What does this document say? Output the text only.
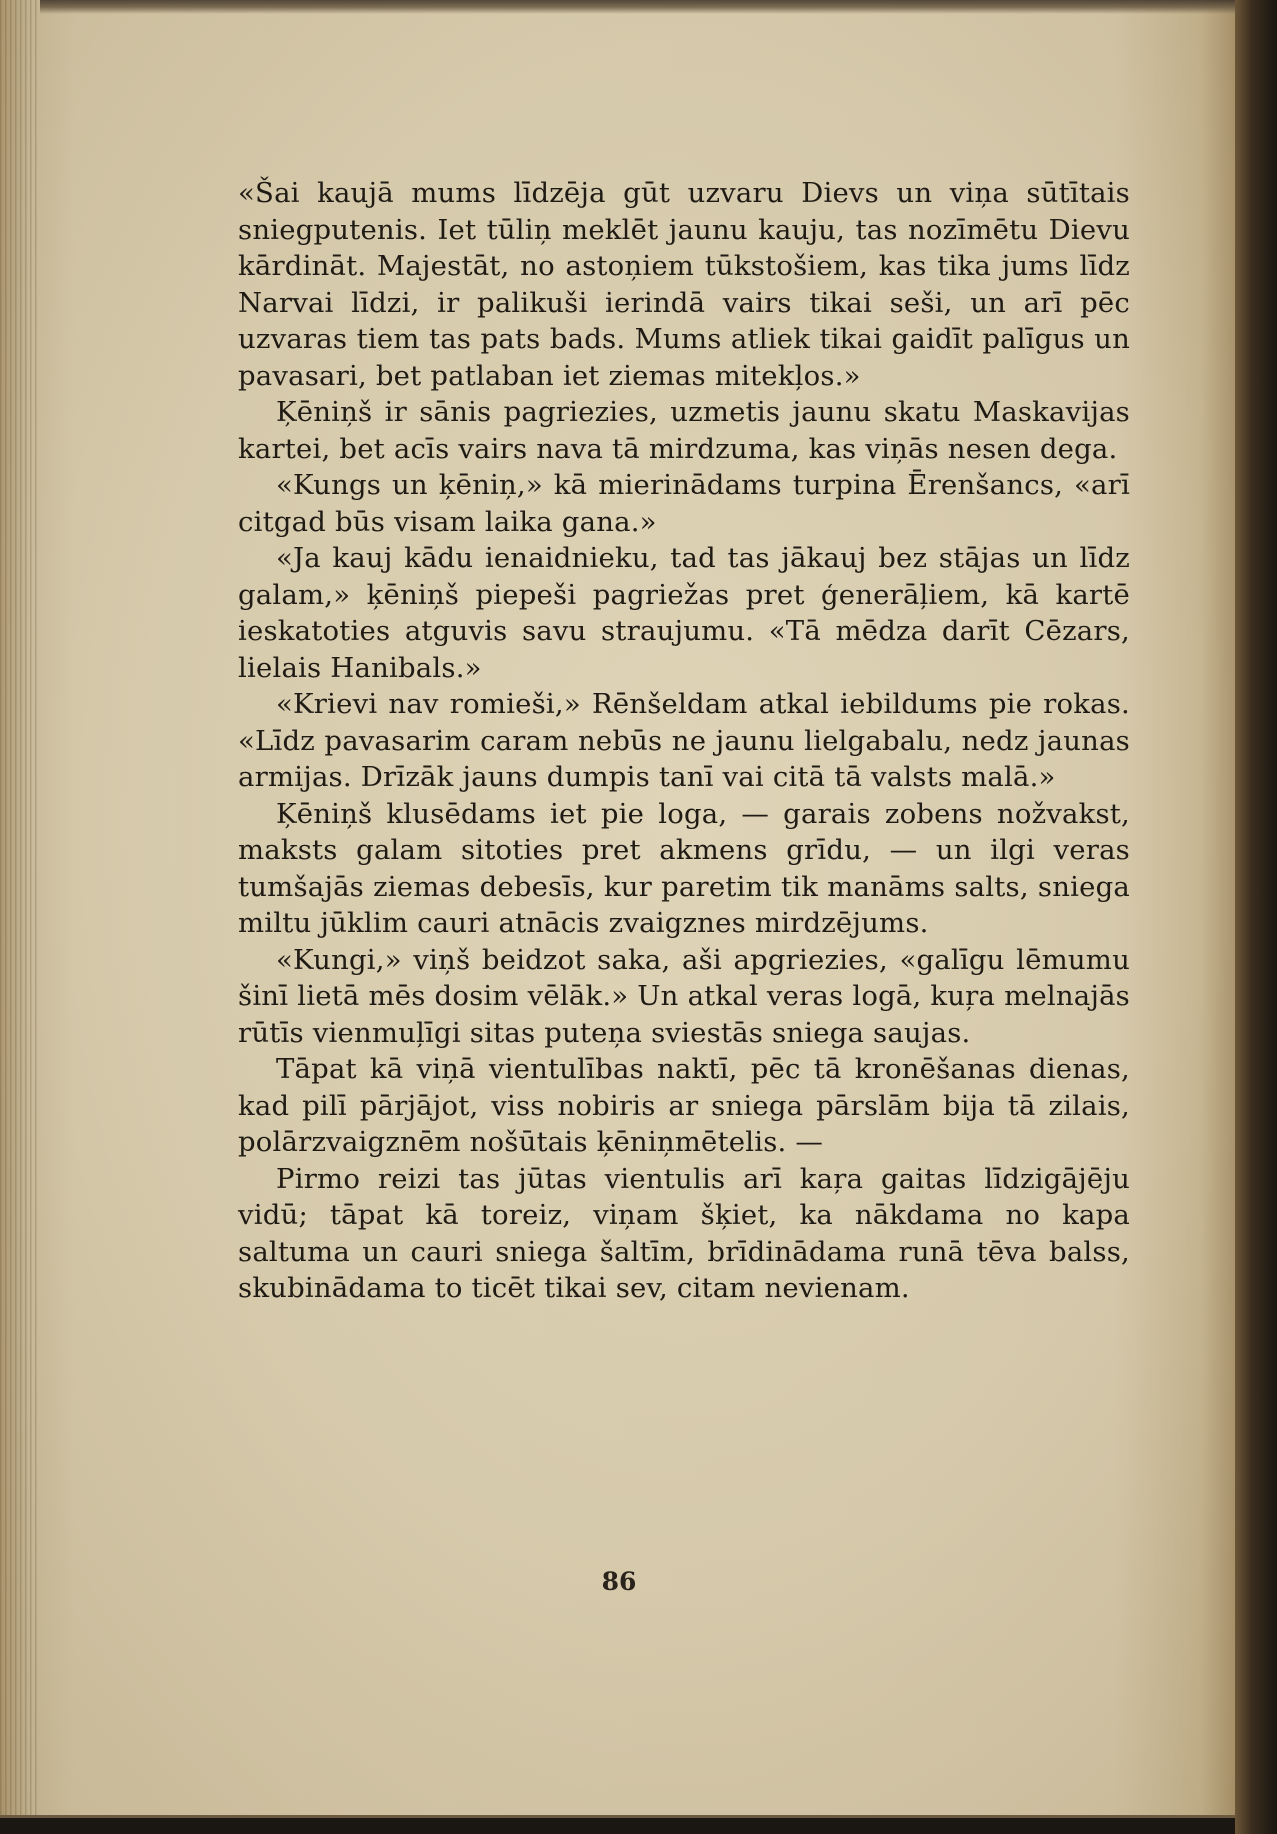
«Šai kaujā mums līdzēja gūt uzvaru Dievs un viņa sūtītais sniegputenis. Iet tūliņ meklēt jaunu kauju, tas nozīmētu Dievu kārdināt. Majestāt, no astoņiem tūkstošiem, kas tika jums līdz Narvai līdzi, ir palikuši ierindā vairs tikai seši, un arī pēc uzvaras tiem tas pats bads. Mums atliek tikai gaidīt palīgus un pavasari, bet patlaban iet ziemas mitekļos.»

Ķēniņš ir sānis pagriezies, uzmetis jaunu skatu Maskavijas kartei, bet acīs vairs nava tā mirdzuma, kas viņās nesen dega.

«Kungs un ķēniņ,» kā mierinādams turpina Ērenšancs, «arī citgad būs visam laika gana.»

«Ja kauj kādu ienaidnieku, tad tas jākauj bez stājas un līdz galam,» ķēniņš piepeši pagriežas pret ģenerāļiem, kā kartē ieskatoties atguvis savu straujumu. «Tā mēdza darīt Cēzars, lielais Hanibals.»

«Krievi nav romieši,» Rēnšeldam atkal iebildums pie rokas. «Līdz pavasarim caram nebūs ne jaunu lielgabalu, nedz jaunas armijas. Drīzāk jauns dumpis tanī vai citā tā valsts malā.»

Ķēniņš klusēdams iet pie loga, — garais zobens nožvakst, maksts galam sitoties pret akmens grīdu, — un ilgi veras tumšajās ziemas debesīs, kur paretim tik manāms salts, sniega miltu jūklim cauri atnācis zvaigznes mirdzējums.

«Kungi,» viņš beidzot saka, aši apgriezies, «galīgu lēmumu šinī lietā mēs dosim vēlāk.» Un atkal veras logā, kuŗa melnajās rūtīs vienmuļīgi sitas puteņa sviestās sniega saujas.

Tāpat kā viņā vientulības naktī, pēc tā kronēšanas dienas, kad pilī pārjājot, viss nobiris ar sniega pārslām bija tā zilais, polārzvaigznēm nošūtais ķēniņmētelis. —

Pirmo reizi tas jūtas vientulis arī kaŗa gaitas līdzigājēju vidū; tāpat kā toreiz, viņam šķiet, ka nākdama no kapa saltuma un cauri sniega šaltīm, brīdinādama runā tēva balss, skubinādama to ticēt tikai sev, citam nevienam.

86
